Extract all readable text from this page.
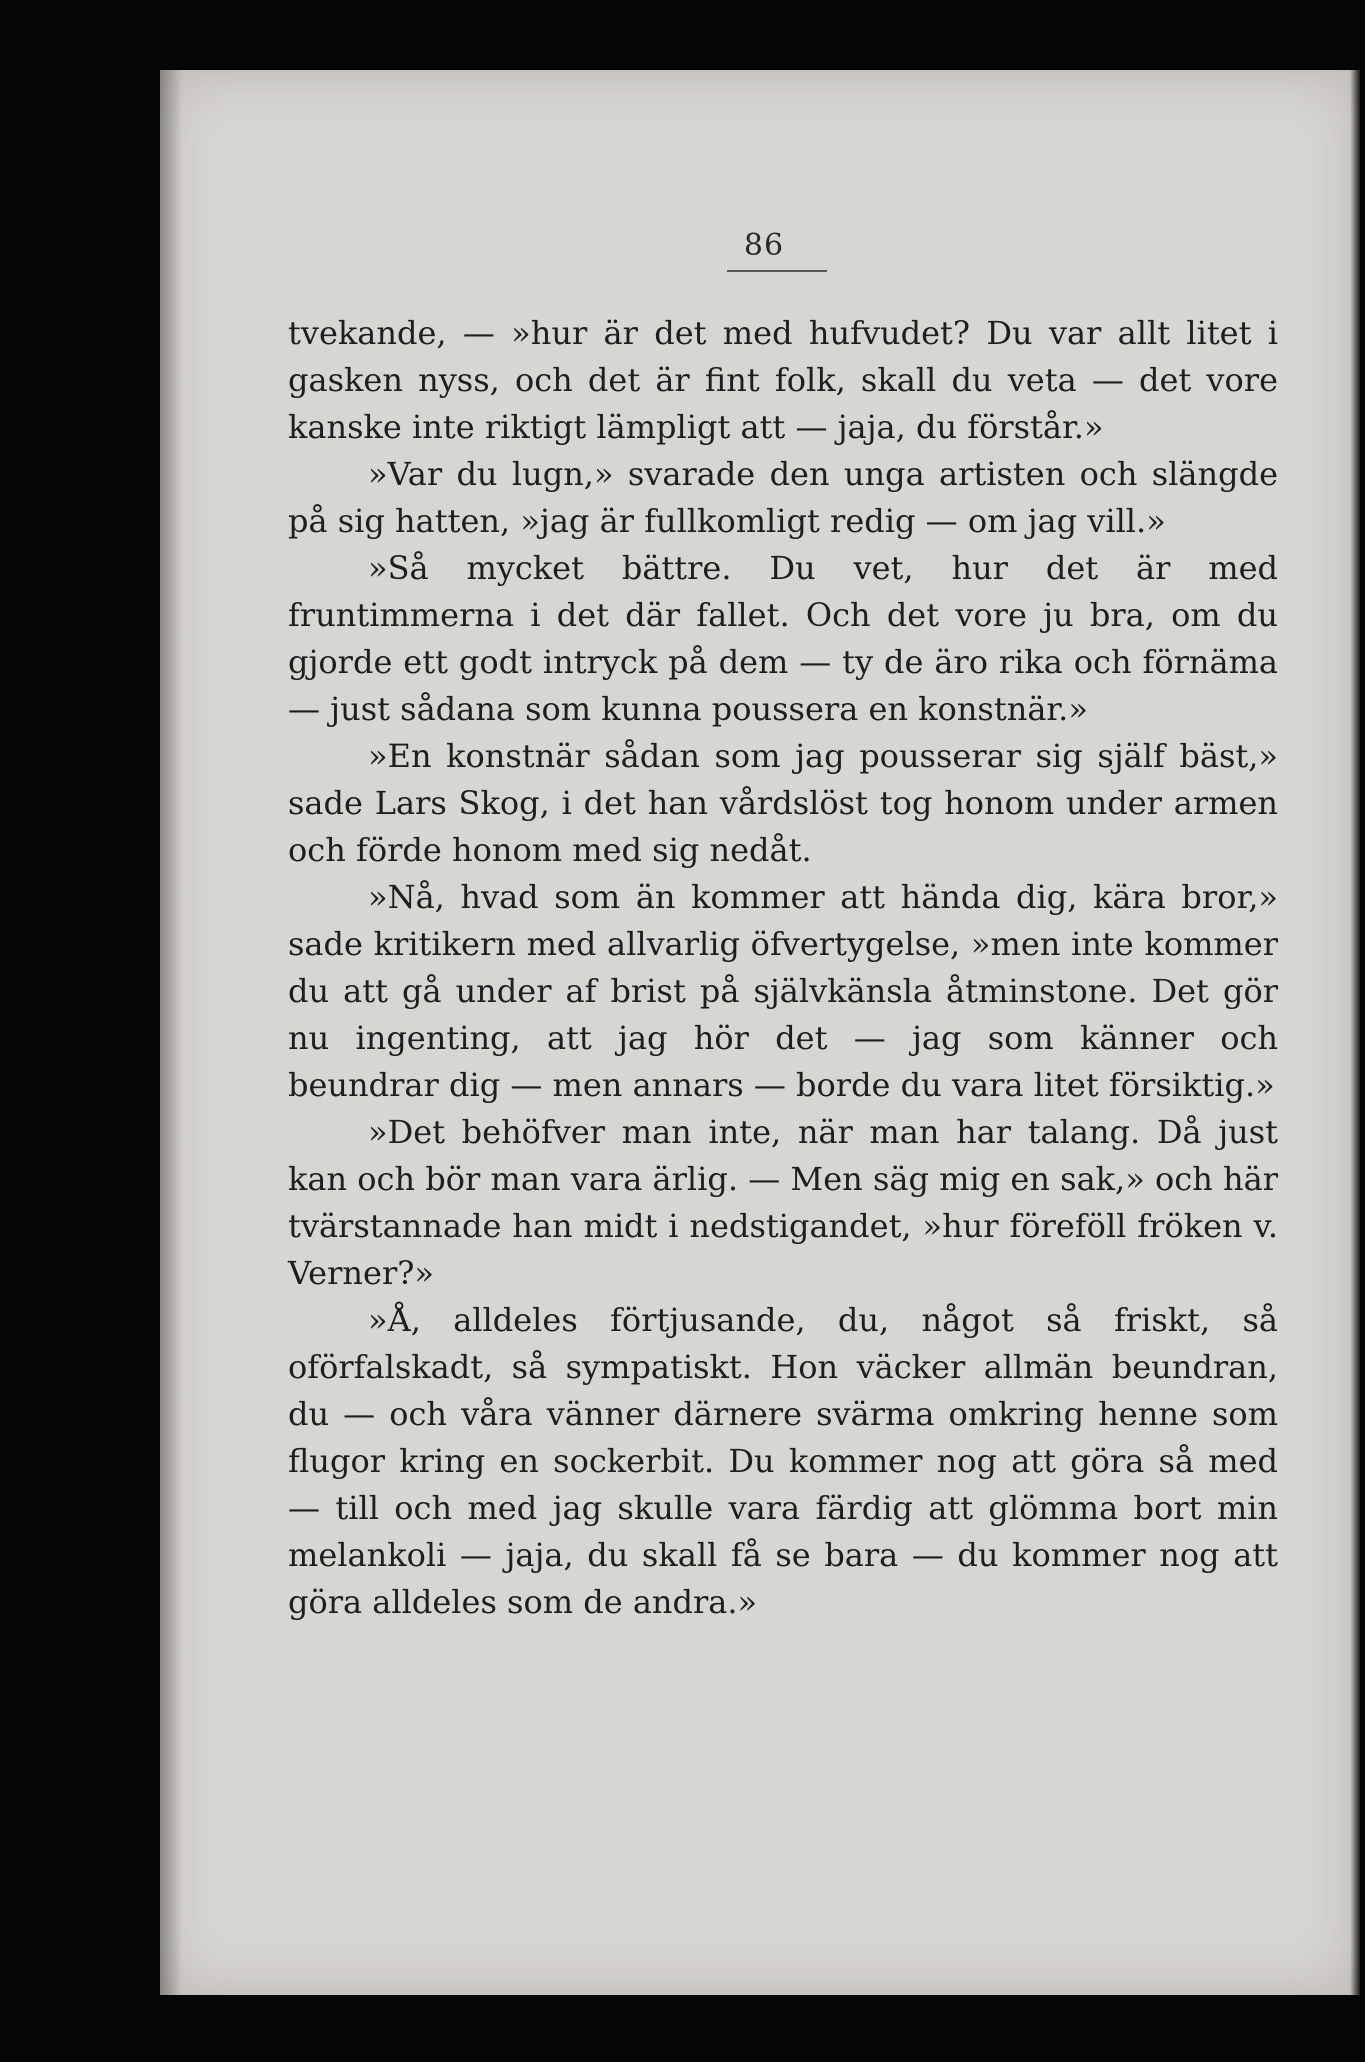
86

tvekande, — »hur är det med hufvudet? Du var allt litet i gasken nyss, och det är fint folk, skall du veta — det vore kanske inte riktigt lämpligt att — jaja, du förstår.»

»Var du lugn,» svarade den unga artisten och slängde på sig hatten, »jag är fullkomligt redig — om jag vill.»

»Så mycket bättre. Du vet, hur det är med fruntimmerna i det där fallet. Och det vore ju bra, om du gjorde ett godt intryck på dem — ty de äro rika och förnäma — just sådana som kunna poussera en konstnär.»

»En konstnär sådan som jag pousserar sig själf bäst,» sade Lars Skog, i det han vårdslöst tog honom under armen och förde honom med sig nedåt.

»Nå, hvad som än kommer att hända dig, kära bror,» sade kritikern med allvarlig öfvertygelse, »men inte kommer du att gå under af brist på självkänsla åtminstone. Det gör nu ingenting, att jag hör det — jag som känner och beundrar dig — men annars — borde du vara litet försiktig.»

»Det behöfver man inte, när man har talang. Då just kan och bör man vara ärlig. — Men säg mig en sak,» och här tvärstannade han midt i nedstigandet, »hur föreföll fröken v. Verner?»

»Å, alldeles förtjusande, du, något så friskt, så oförfalskadt, så sympatiskt. Hon väcker allmän beundran, du — och våra vänner därnere svärma omkring henne som flugor kring en sockerbit. Du kommer nog att göra så med — till och med jag skulle vara färdig att glömma bort min melankoli — jaja, du skall få se bara — du kommer nog att göra alldeles som de andra.»
